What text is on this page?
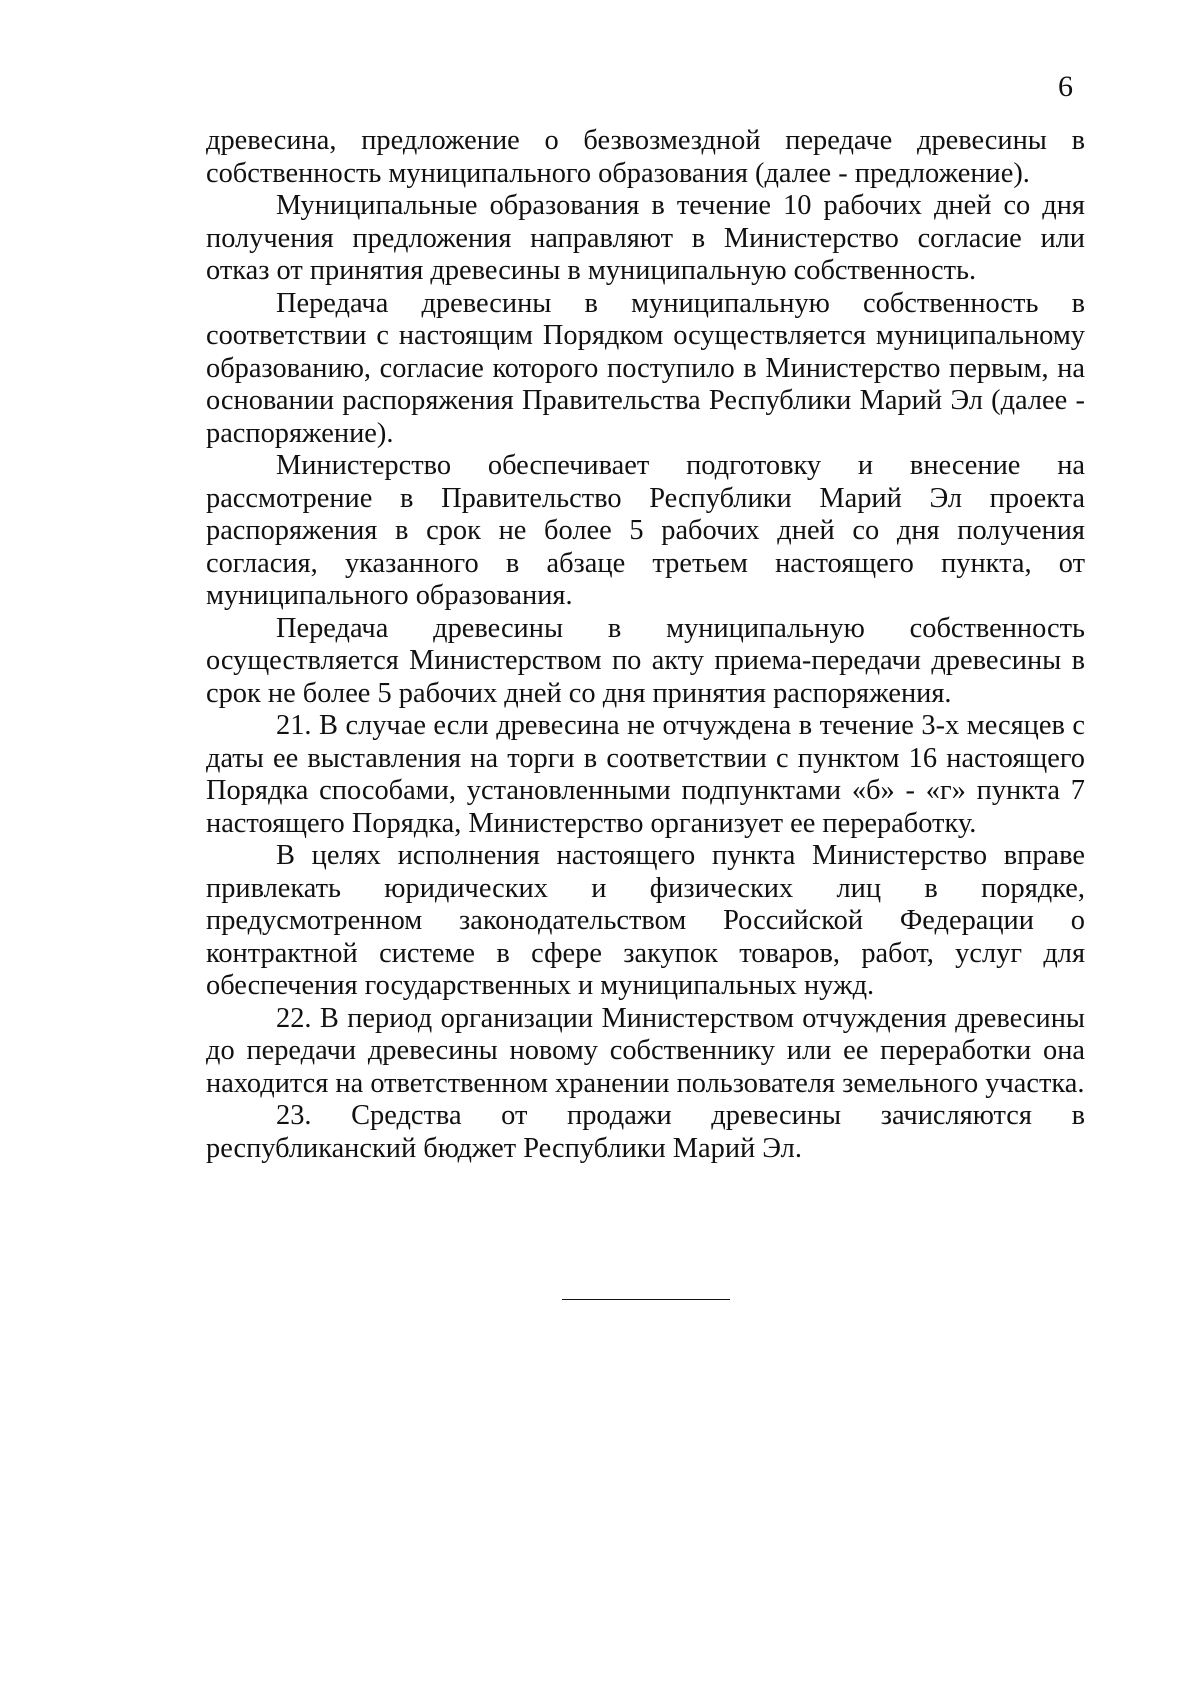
6

древесина, предложение о безвозмездной передаче древесины в собственность муниципального образования (далее - предложение).

Муниципальные образования в течение 10 рабочих дней со дня получения предложения направляют в Министерство согласие или отказ от принятия древесины в муниципальную собственность.

Передача древесины в муниципальную собственность в соответствии с настоящим Порядком осуществляется муниципальному образованию, согласие которого поступило в Министерство первым, на основании распоряжения Правительства Республики Марий Эл (далее - распоряжение).

Министерство обеспечивает подготовку и внесение на рассмотрение в Правительство Республики Марий Эл проекта распоряжения в срок не более 5 рабочих дней со дня получения согласия, указанного в абзаце третьем настоящего пункта, от муниципального образования.

Передача древесины в муниципальную собственность осуществляется Министерством по акту приема-передачи древесины в срок не более 5 рабочих дней со дня принятия распоряжения.

21. В случае если древесина не отчуждена в течение 3-х месяцев с даты ее выставления на торги в соответствии с пунктом 16 настоящего Порядка способами, установленными подпунктами «б» - «г» пункта 7 настоящего Порядка, Министерство организует ее переработку.

В целях исполнения настоящего пункта Министерство вправе привлекать юридических и физических лиц в порядке, предусмотренном законодательством Российской Федерации о контрактной системе в сфере закупок товаров, работ, услуг для обеспечения государственных и муниципальных нужд.

22. В период организации Министерством отчуждения древесины до передачи древесины новому собственнику или ее переработки она находится на ответственном хранении пользователя земельного участка.

23. Средства от продажи древесины зачисляются в республиканский бюджет Республики Марий Эл.
